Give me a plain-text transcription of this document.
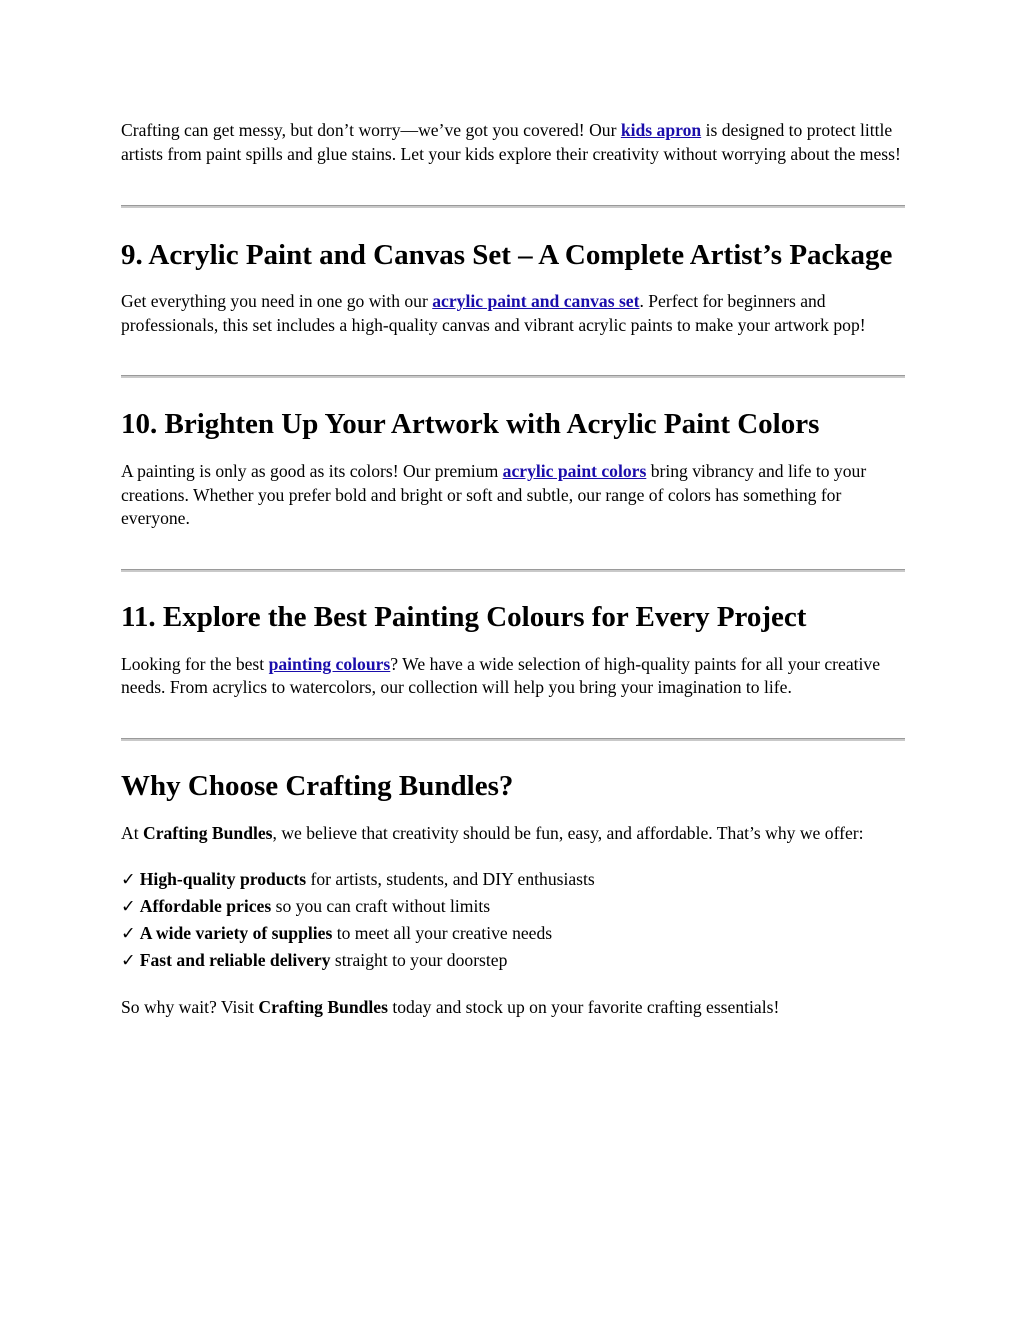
Crafting can get messy, but don’t worry—we’ve got you covered! Our kids apron is designed to protect little artists from paint spills and glue stains. Let your kids explore their creativity without worrying about the mess!

9. Acrylic Paint and Canvas Set – A Complete Artist’s Package

Get everything you need in one go with our acrylic paint and canvas set. Perfect for beginners and professionals, this set includes a high-quality canvas and vibrant acrylic paints to make your artwork pop!

10. Brighten Up Your Artwork with Acrylic Paint Colors

A painting is only as good as its colors! Our premium acrylic paint colors bring vibrancy and life to your creations. Whether you prefer bold and bright or soft and subtle, our range of colors has something for everyone.

11. Explore the Best Painting Colours for Every Project

Looking for the best painting colours? We have a wide selection of high-quality paints for all your creative needs. From acrylics to watercolors, our collection will help you bring your imagination to life.

Why Choose Crafting Bundles?

At Crafting Bundles, we believe that creativity should be fun, easy, and affordable. That’s why we offer:

✓ High-quality products for artists, students, and DIY enthusiasts
✓ Affordable prices so you can craft without limits
✓ A wide variety of supplies to meet all your creative needs
✓ Fast and reliable delivery straight to your doorstep

So why wait? Visit Crafting Bundles today and stock up on your favorite crafting essentials!
